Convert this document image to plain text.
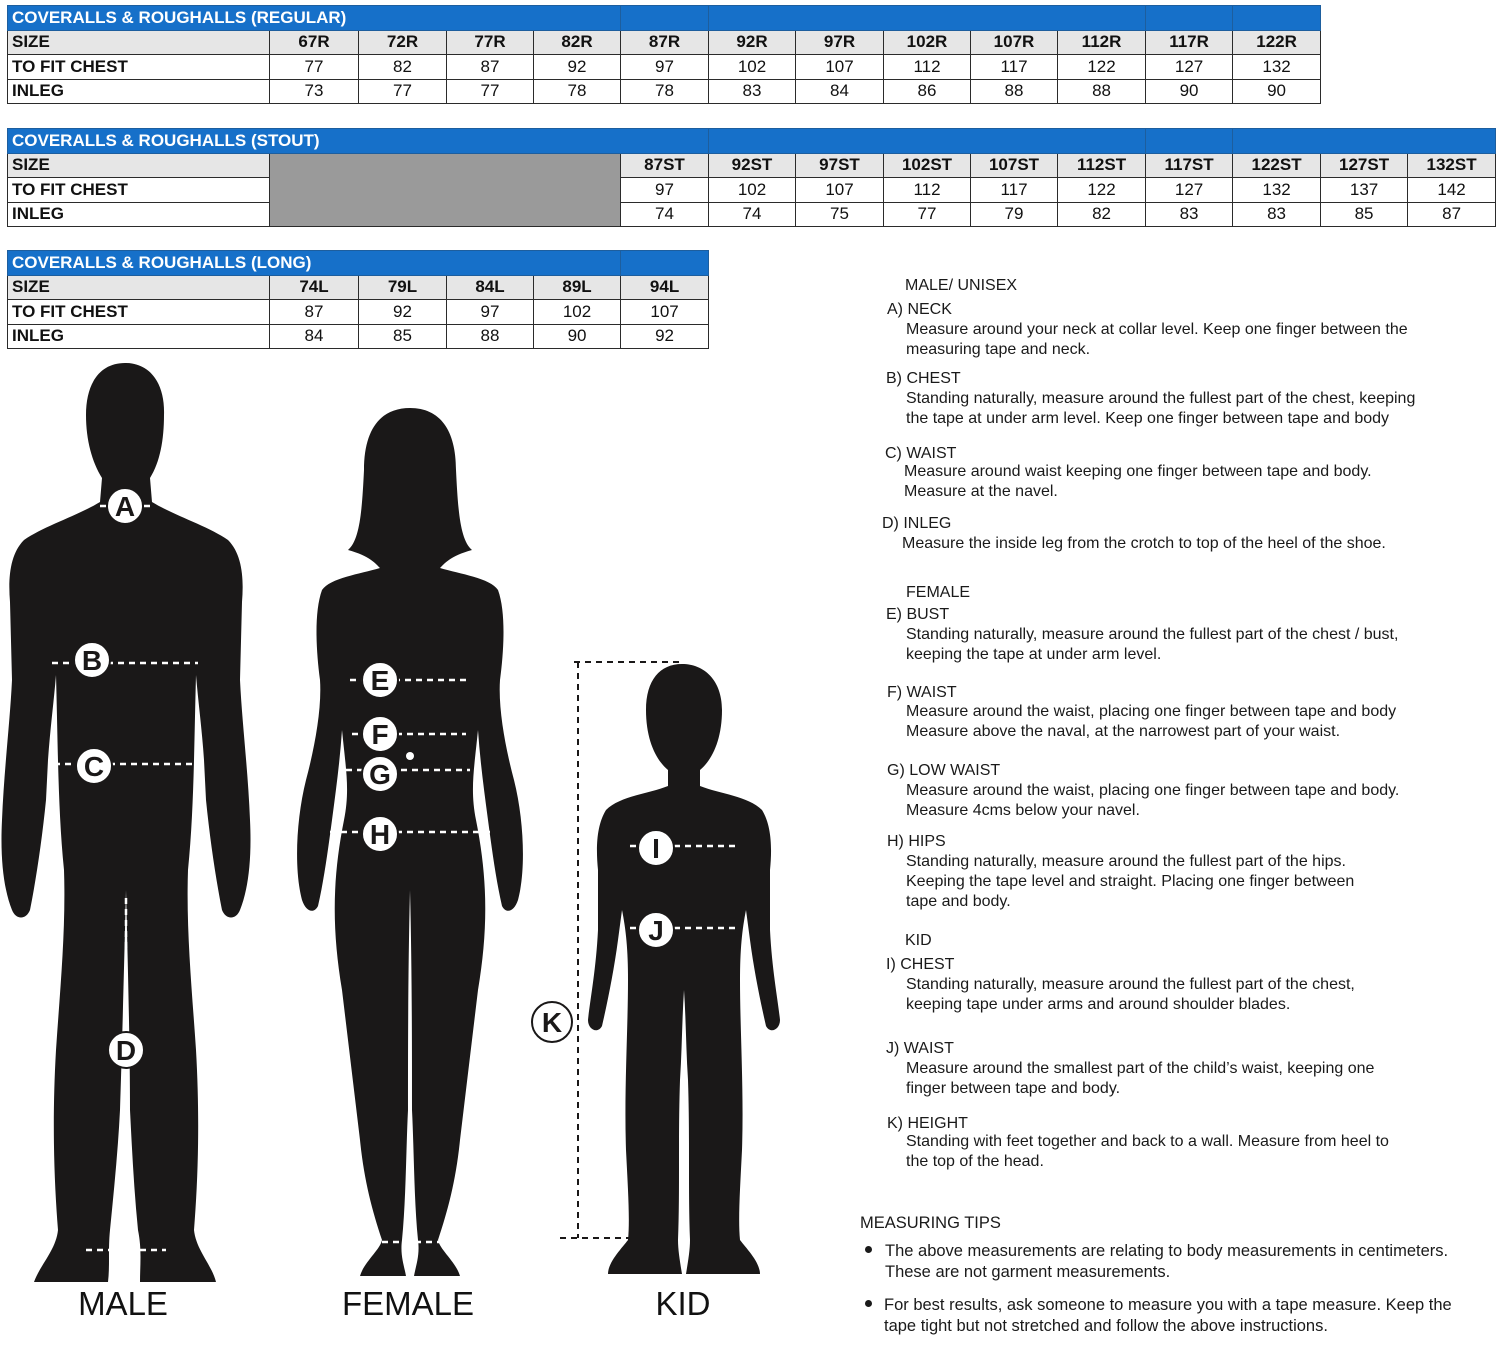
COVERALLS & ROUGHALLS (REGULAR)												
SIZE	67R	72R	77R	82R	87R	92R	97R	102R	107R	112R	117R	122R
TO FIT CHEST	77	82	87	92	97	102	107	112	117	122	127	132
INLEG	73	77	77	78	78	83	84	86	88	88	90	90
COVERALLS & ROUGHALLS (STOUT)											
SIZE		87ST	92ST	97ST	102ST	107ST	112ST	117ST	122ST	127ST	132ST
TO FIT CHEST		97	102	107	112	117	122	127	132	137	142
INLEG		74	74	75	77	79	82	83	83	85	87
COVERALLS & ROUGHALLS (LONG)					
SIZE	74L	79L	84L	89L	94L
TO FIT CHEST	87	92	97	102	107
INLEG	84	85	88	90	92
A
B
C
D
E
F
G
H	I
J
K
MALE	FEMALE	KID
MALE/ UNISEX
A) NECK
Measure around your neck at collar level. Keep one finger between the
measuring tape and neck.
B) CHEST
Standing naturally, measure around the fullest part of the chest, keeping
the tape at under arm level. Keep one finger between tape and body
C) WAIST
Measure around waist keeping one finger between tape and body.
Measure at the navel.
D) INLEG
Measure the inside leg from the crotch to top of the heel of the shoe.
FEMALE
E) BUST
Standing naturally, measure around the fullest part of the chest / bust,
keeping the tape at under arm level.
F) WAIST
Measure around the waist, placing one finger between tape and body
Measure above the naval, at the narrowest part of your waist.
G) LOW WAIST
Measure around the waist, placing one finger between tape and body.
Measure 4cms below your navel.
H) HIPS
Standing naturally, measure around the fullest part of the hips.
Keeping the tape level and straight. Placing one finger between
tape and body.
KID
I) CHEST
Standing naturally, measure around the fullest part of the chest,
keeping tape under arms and around shoulder blades.
J) WAIST
Measure around the smallest part of the child’s waist, keeping one
finger between tape and body.
K) HEIGHT
Standing with feet together and back to a wall. Measure from heel to
the top of the head.
MEASURING TIPS
The above measurements are relating to body measurements in centimeters.
These are not garment measurements.
For best results, ask someone to measure you with a tape measure. Keep the
tape tight but not stretched and follow the above instructions.
